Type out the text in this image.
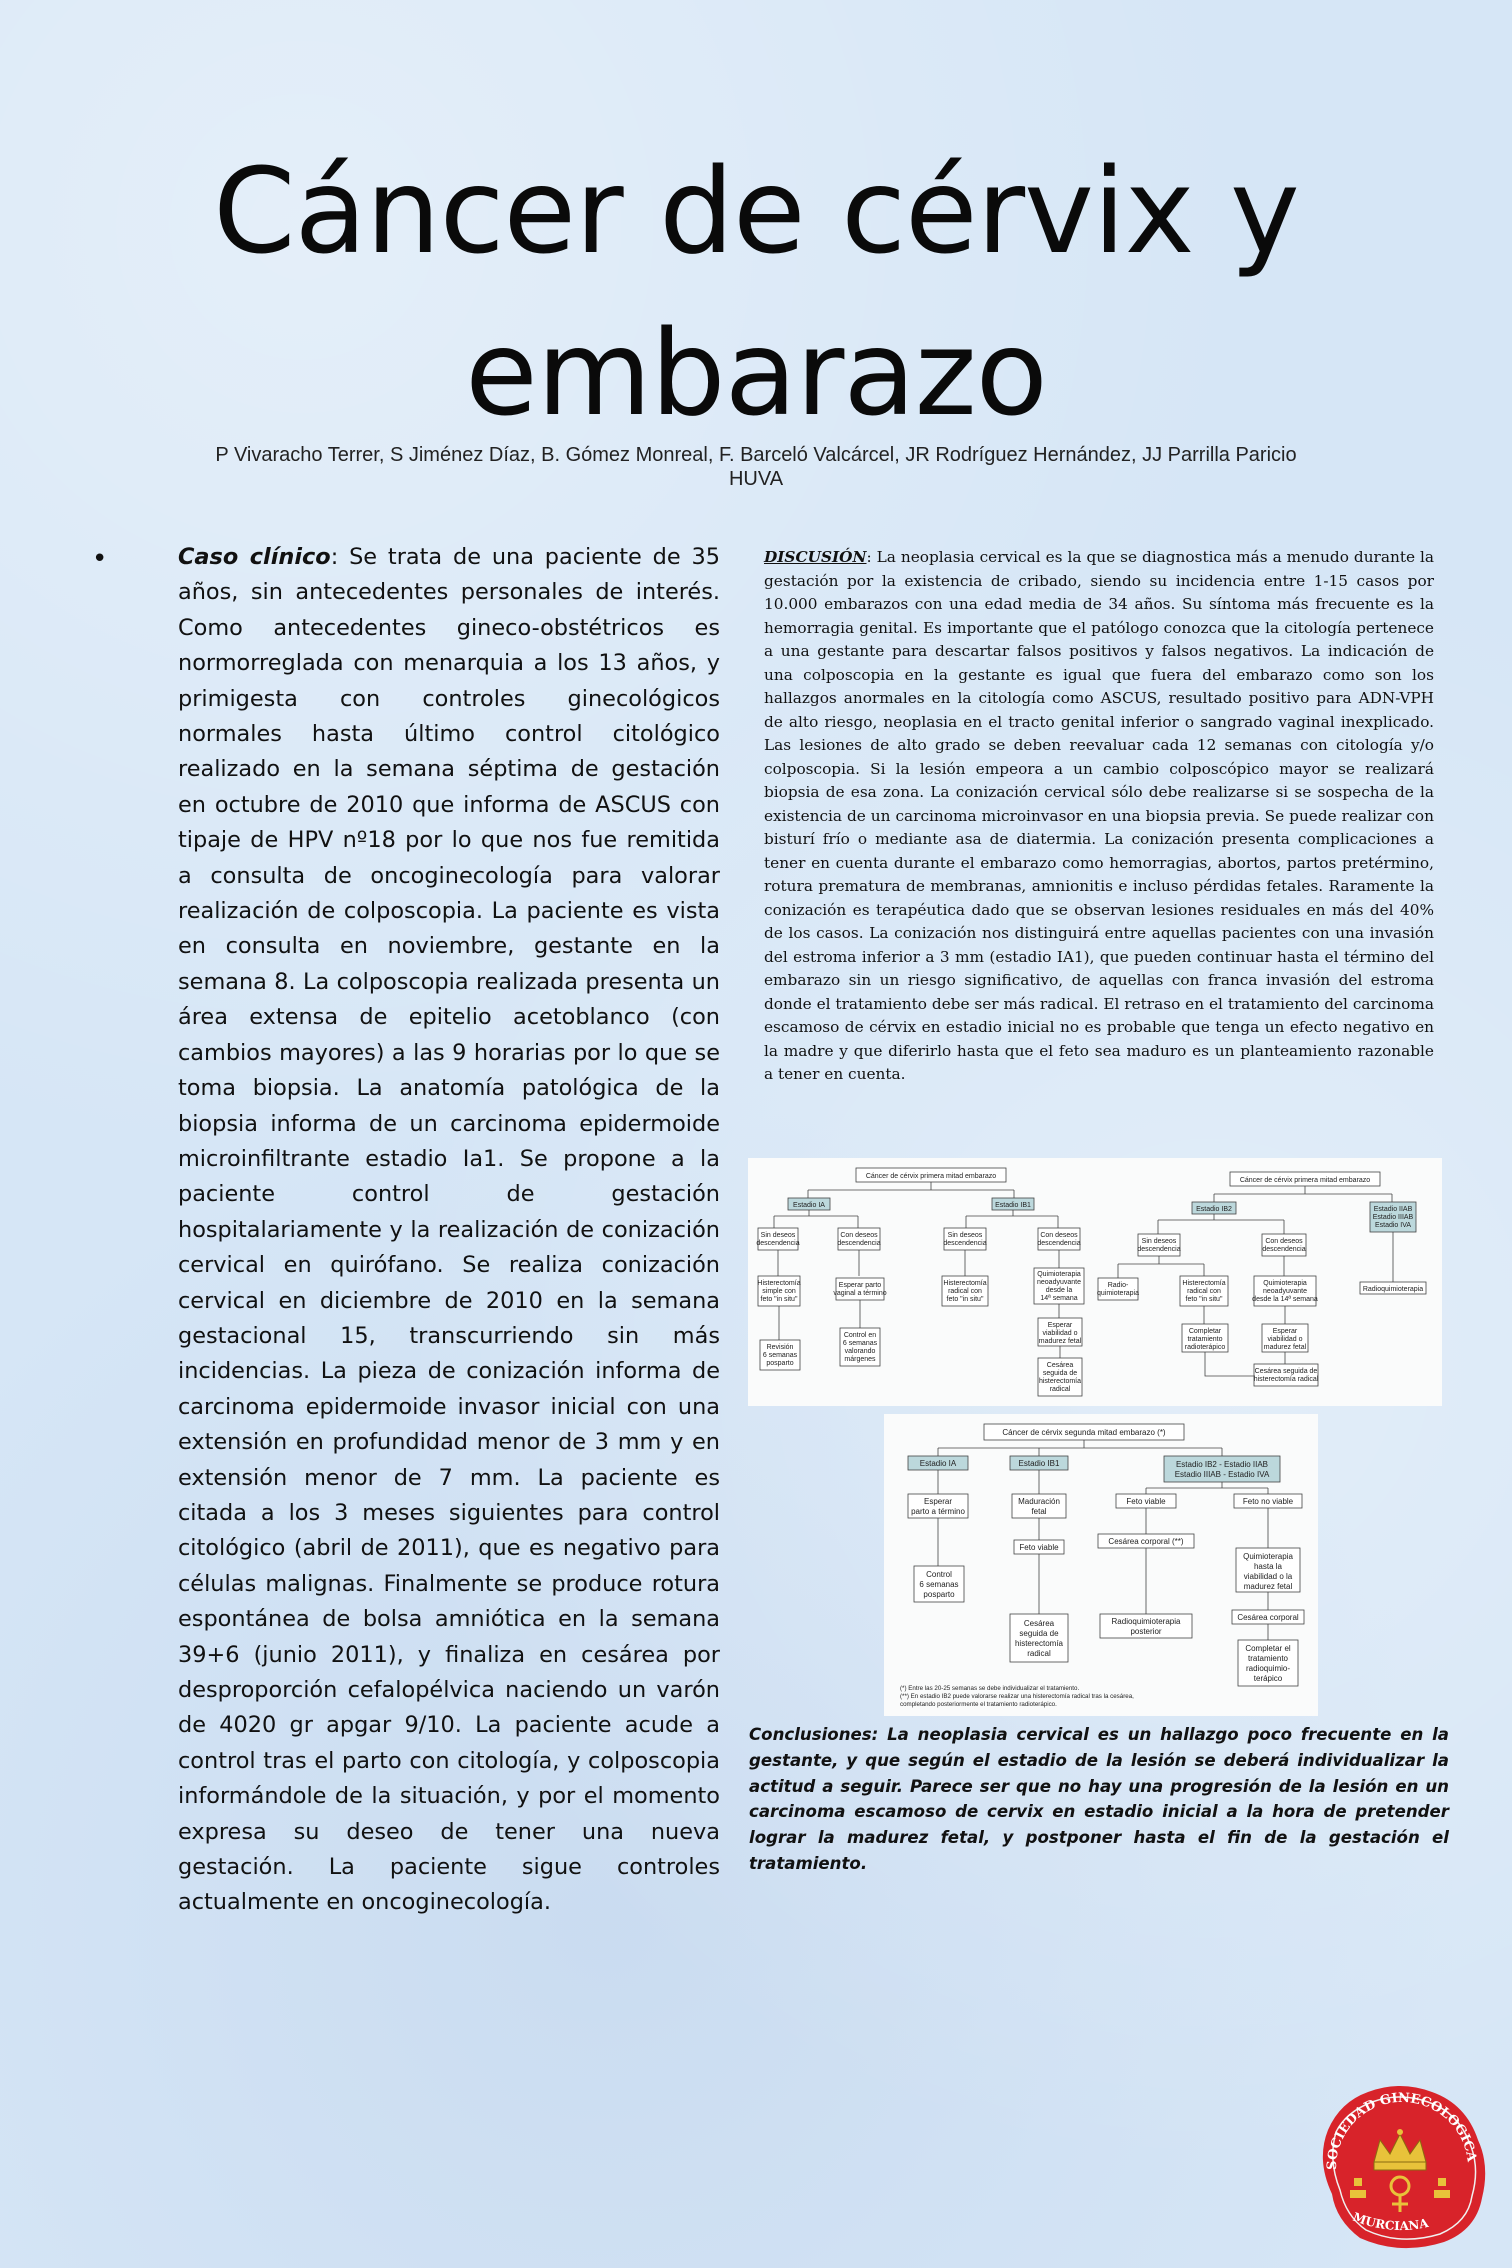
Cáncer de cérvix y
embarazo
P Vivaracho Terrer, S Jiménez Díaz, B. Gómez Monreal, F. Barceló Valcárcel, JR Rodríguez Hernández, JJ Parrilla Paricio
HUVA
•	Caso clínico: Se trata de una paciente de 35 años, sin antecedentes personales de interés. Como antecedentes gineco-obstétricos es normorreglada con menarquia a los 13 años, y primigesta con controles ginecológicos normales hasta último control citológico realizado en la semana séptima de gestación en octubre de 2010 que informa de ASCUS con tipaje de HPV nº18 por lo que nos fue remitida a consulta de oncoginecología para valorar realización de colposcopia. La paciente es vista en consulta en noviembre, gestante en la semana 8. La colposcopia realizada presenta un área extensa de epitelio acetoblanco (con cambios mayores) a las 9 horarias por lo que se toma biopsia. La anatomía patológica de la biopsia informa de un carcinoma epidermoide microinfiltrante estadio Ia1. Se propone a la paciente control de gestación hospitalariamente y la realización de conización cervical en quirófano. Se realiza conización cervical en diciembre de 2010 en la semana gestacional 15, transcurriendo sin más incidencias. La pieza de conización informa de carcinoma epidermoide invasor inicial con una extensión en profundidad menor de 3 mm y en extensión menor de 7 mm. La paciente es citada a los 3 meses siguientes para control citológico (abril de 2011), que es negativo para células malignas. Finalmente se produce rotura espontánea de bolsa amniótica en la semana 39+6 (junio 2011), y finaliza en cesárea por desproporción cefalopélvica naciendo un varón de 4020 gr apgar 9/10. La paciente acude a control tras el parto con citología, y colposcopia informándole de la situación, y por el momento expresa su deseo de tener una nueva gestación. La paciente sigue controles actualmente en oncoginecología.
DISCUSIÓN: La neoplasia cervical es la que se diagnostica más a menudo durante la gestación por la existencia de cribado, siendo su incidencia entre 1-15 casos por 10.000 embarazos con una edad media de 34 años. Su síntoma más frecuente es la hemorragia genital. Es importante que el patólogo conozca que la citología pertenece a una gestante para descartar falsos positivos y falsos negativos. La indicación de una colposcopia en la gestante es igual que fuera del embarazo como son los hallazgos anormales en la citología como ASCUS, resultado positivo para ADN-VPH de alto riesgo, neoplasia en el tracto genital inferior o sangrado vaginal inexplicado. Las lesiones de alto grado se deben reevaluar cada 12 semanas con citología y/o colposcopia. Si la lesión empeora a un cambio colposcópico mayor se realizará biopsia de esa zona. La conización cervical sólo debe realizarse si se sospecha de la existencia de un carcinoma microinvasor en una biopsia previa. Se puede realizar con bisturí frío o mediante asa de diatermia. La conización presenta complicaciones a tener en cuenta durante el embarazo como hemorragias, abortos, partos pretérmino, rotura prematura de membranas, amnionitis e incluso pérdidas fetales. Raramente la conización es terapéutica dado que se observan lesiones residuales en más del 40% de los casos. La conización nos distinguirá entre aquellas pacientes con una invasión del estroma inferior a 3 mm (estadio IA1), que pueden continuar hasta el término del embarazo sin un riesgo significativo, de aquellas con franca invasión del estroma donde el tratamiento debe ser más radical. El retraso en el tratamiento del carcinoma escamoso de cérvix en estadio inicial no es probable que tenga un efecto negativo en la madre y que diferirlo hasta que el feto sea maduro es un planteamiento razonable a tener en cuenta.
Cáncer de cérvix primera mitad embarazo
Estadio IA	Estadio IB1
Sin deseos
descendencia
Con deseos
descendencia
Sin deseos
descendencia
Con deseos
descendencia
Histerectomía
simple con
feto "in situ"
Esperar parto
vaginal a término
Histerectomía
radical con
feto "in situ"
Quimioterapia
neoadyuvante
desde la
14ª semana
Revisión
6 semanas
posparto
Control en
6 semanas
valorando
márgenes
Esperar
viabilidad o
madurez fetal
Cesárea
seguida de
histerectomía
radical
Cáncer de cérvix primera mitad embarazo
Estadio IB2	Estadio IIAB
Estadio IIIAB
Estadio IVA
Sin deseos
descendencia
Con deseos
descendencia
Radio-
quimioterapia
Histerectomía
radical con
feto "in situ"
Quimioterapia
neoadyuvante
desde la 14ª semana
Radioquimioterapia
Completar
tratamiento
radioterápico
Esperar
viabilidad o
madurez fetal
Cesárea seguida de
histerectomía radical
Cáncer de cérvix segunda mitad embarazo (*)
Estadio IA	Estadio IB1	Estadio IB2 - Estadio IIAB
Estadio IIIAB - Estadio IVA
Esperar
parto a término
Maduración
fetal
Feto viable	Feto no viable
Control
6 semanas
posparto
Feto viable
Cesárea corporal (**)
Quimioterapia
hasta la
viabilidad o la
madurez fetal
Cesárea
seguida de
histerectomía
radical
Radioquimioterapia
posterior
Cesárea corporal
Completar el
tratamiento
radioquimio-
terápico
(*) Entre las 20-25 semanas se debe individualizar el tratamiento.
(**) En estadio IB2 puede valorarse realizar una histerectomía radical tras la cesárea,
completando posteriormente el tratamiento radioterápico.
Conclusiones: La neoplasia cervical es un hallazgo poco frecuente en la gestante, y que según el estadio de la lesión se deberá individualizar la actitud a seguir. Parece ser que no hay una progresión de la lesión en un carcinoma escamoso de cervix en estadio inicial a la hora de pretender lograr la madurez fetal, y postponer hasta el fin de la gestación el tratamiento.
SOCIEDAD GINECOLOGICA
MURCIANA
